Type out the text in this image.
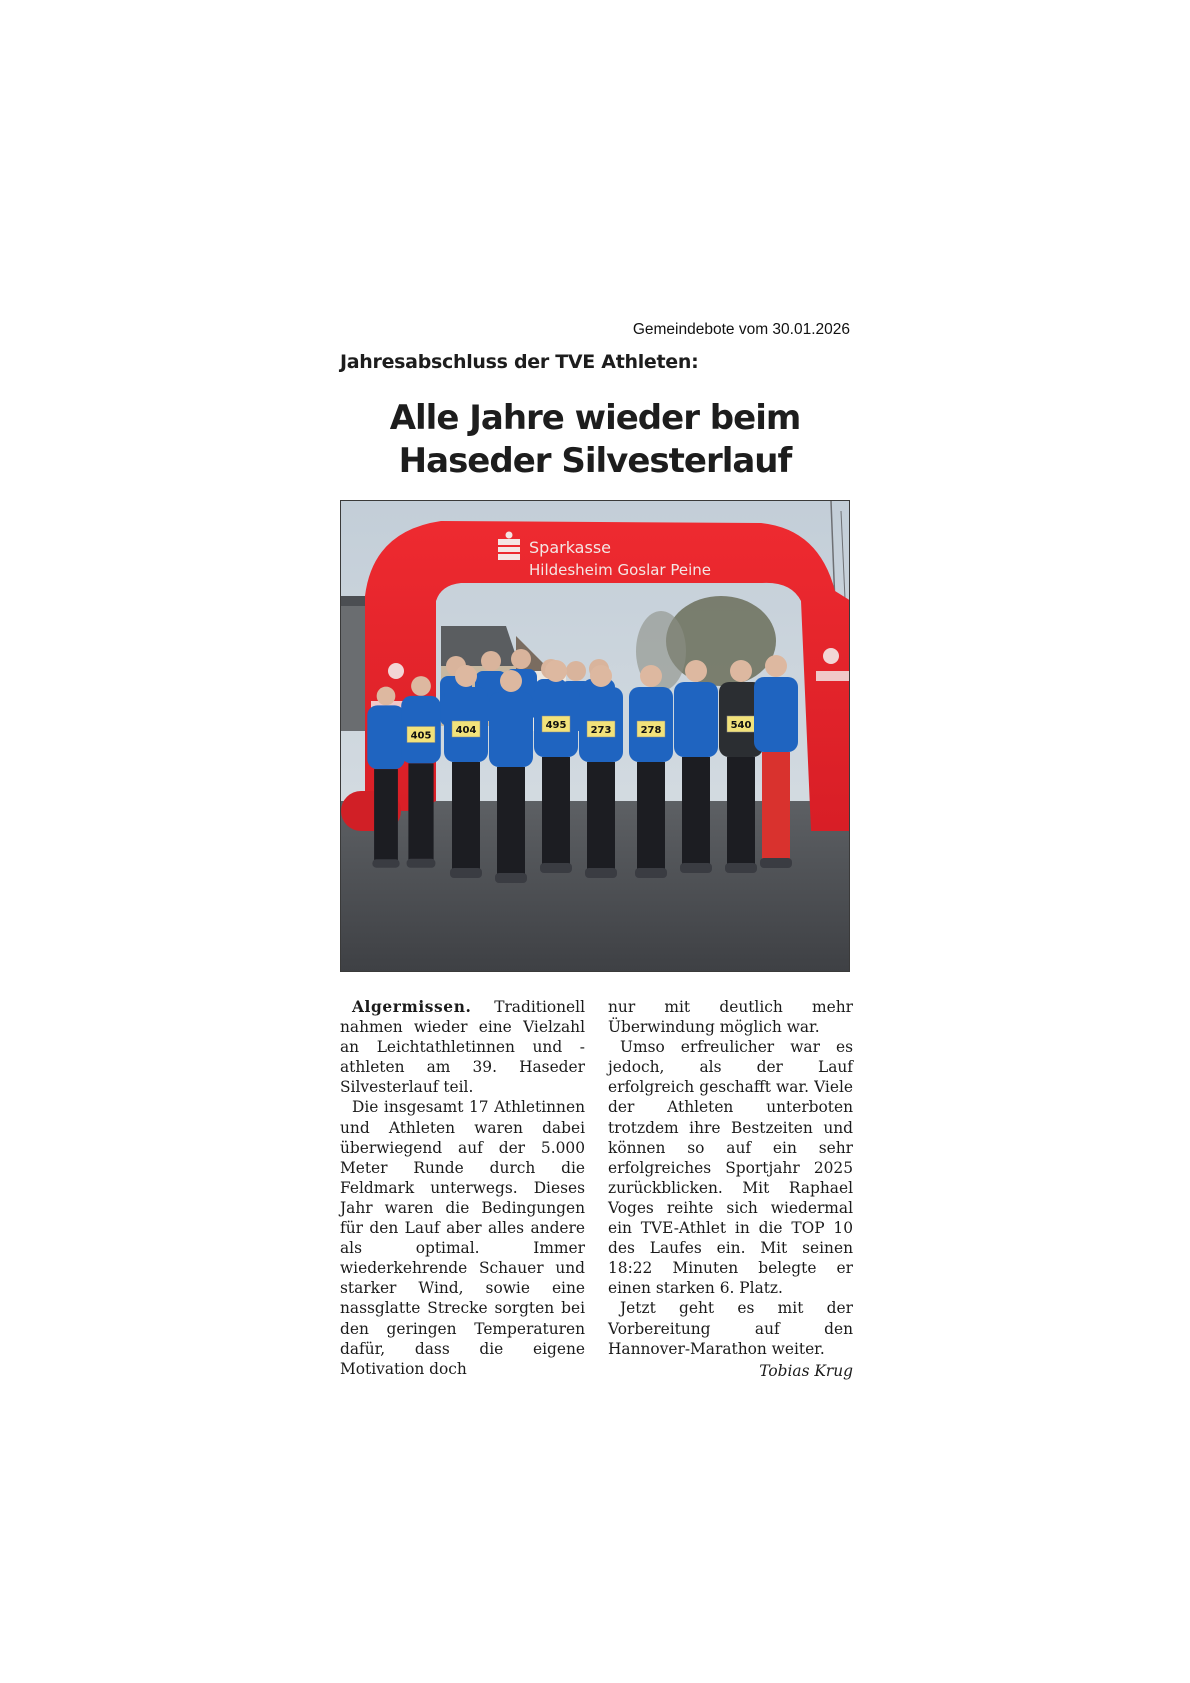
Gemeindebote vom 30.01.2026
Jahresabschluss der TVE Athleten:
Alle Jahre wieder beim
Haseder Silvesterlauf
Sparkasse
Hildesheim Goslar Peine
405 404	495 273	278	540

Algermissen. Traditionell nahmen wieder eine Vielzahl an Leichtathletinnen und -athleten am 39. Haseder Silvesterlauf teil.

Die insgesamt 17 Athletinnen und Athleten waren dabei überwiegend auf der 5.000 Meter Runde durch die Feldmark unterwegs. Dieses Jahr waren die Bedingungen für den Lauf aber alles andere als optimal. Immer wiederkehrende Schauer und starker Wind, sowie eine nassglatte Strecke sorgten bei den geringen Temperaturen dafür, dass die eigene Motivation doch

nur mit deutlich mehr Überwindung möglich war.

Umso erfreulicher war es jedoch, als der Lauf erfolgreich geschafft war. Viele der Athleten unterboten trotzdem ihre Bestzeiten und können so auf ein sehr erfolgreiches Sportjahr 2025 zurückblicken. Mit Raphael Voges reihte sich wiedermal ein TVE-Athlet in die TOP 10 des Laufes ein. Mit seinen 18:22 Minuten belegte er einen starken 6. Platz.

Jetzt geht es mit der Vorbereitung auf den Hannover-Marathon weiter.

Tobias Krug
